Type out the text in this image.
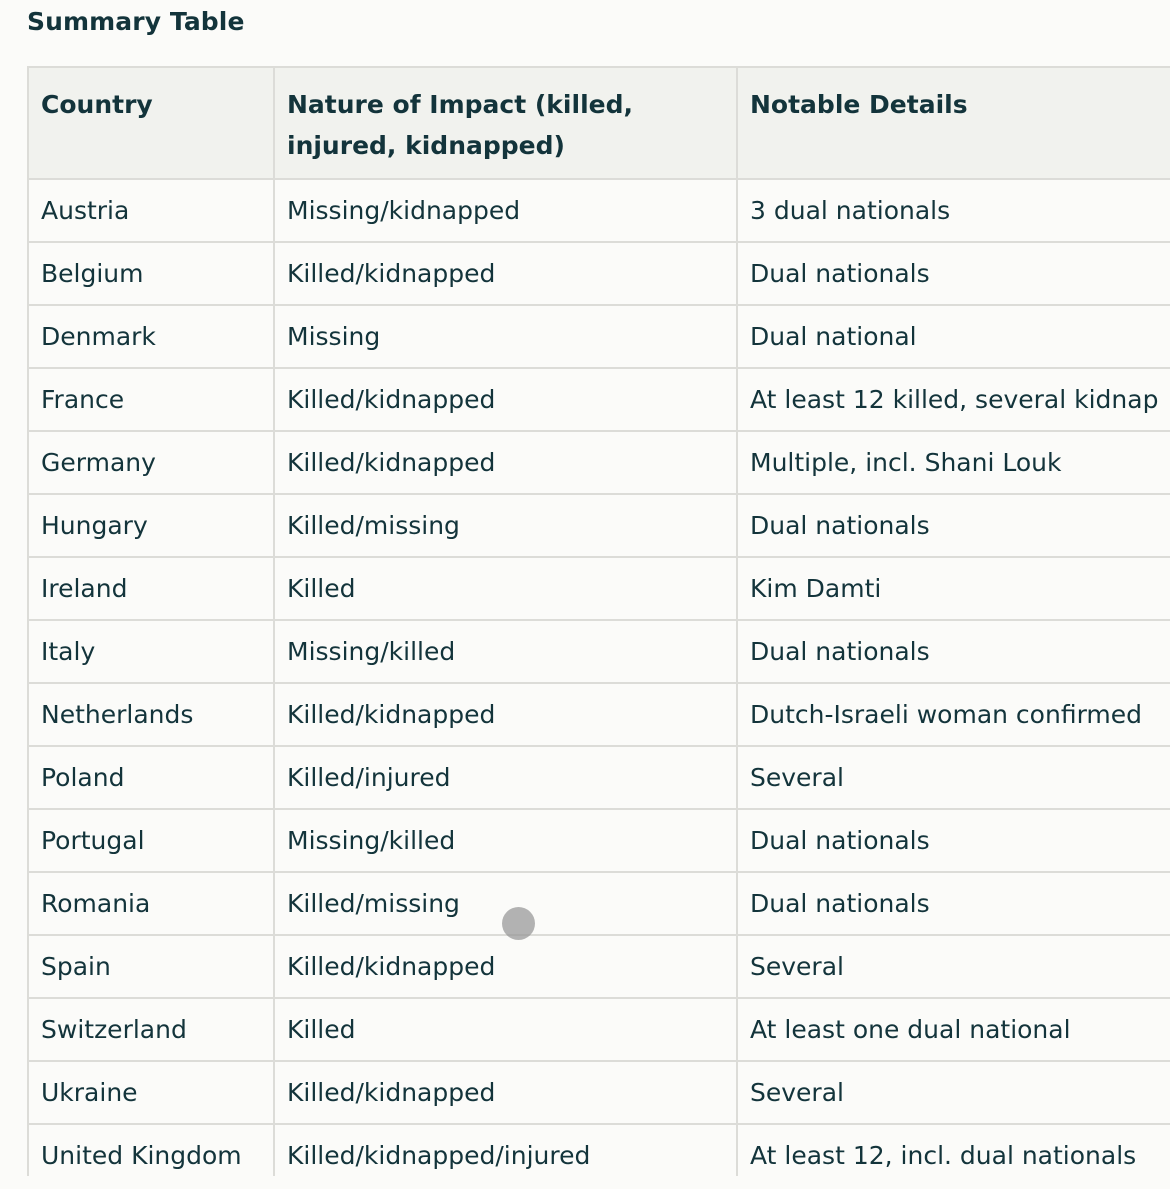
Summary Table
Country	Nature of Impact (killed, injured, kidnapped)	Notable Details
Austria	Missing/kidnapped	3 dual nationals
Belgium	Killed/kidnapped	Dual nationals
Denmark	Missing	Dual national
France	Killed/kidnapped	At least 12 killed, several kidnap
Germany	Killed/kidnapped	Multiple, incl. Shani Louk
Hungary	Killed/missing	Dual nationals
Ireland	Killed	Kim Damti
Italy	Missing/killed	Dual nationals
Netherlands	Killed/kidnapped	Dutch-Israeli woman confirmed
Poland	Killed/injured	Several
Portugal	Missing/killed	Dual nationals
Romania	Killed/missing	Dual nationals
Spain	Killed/kidnapped	Several
Switzerland	Killed	At least one dual national
Ukraine	Killed/kidnapped	Several
United Kingdom	Killed/kidnapped/injured	At least 12, incl. dual nationals
